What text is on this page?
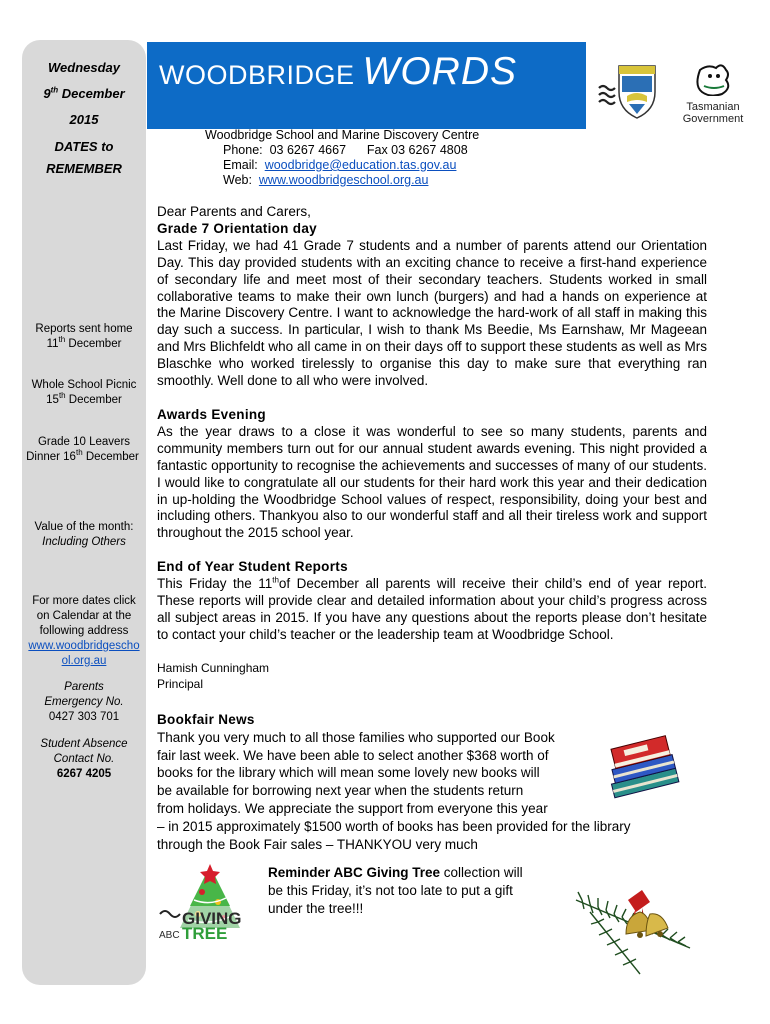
Wednesday
9th December
2015
DATES to
REMEMBER
Reports sent home
11th December
Whole School Picnic
15th December
Grade 10 Leavers
Dinner 16th December
Value of the month:
Including Others
For more dates click
on Calendar at the
following address
www.woodbridgescho
ol.org.au
Parents
Emergency No.
0427 303 701
Student Absence
Contact No.
6267 4205
WOODBRIDGE WORDS
Tasmanian
Government
Woodbridge School and Marine Discovery Centre
Phone:  03 6267 4667      Fax 03 6267 4808
Email:  woodbridge@education.tas.gov.au
Web:  www.woodbridgeschool.org.au
Dear Parents and Carers,
Grade 7 Orientation day
Last Friday, we had 41 Grade 7 students and a number of parents attend our Orientation Day. This day provided students with an exciting chance to receive a first-hand experience of secondary life and meet most of their secondary teachers. Students worked in small collaborative teams to make their own lunch (burgers) and had a hands on experience at the Marine Discovery Centre. I want to acknowledge the hard-work of all staff in making this day such a success. In particular, I wish to thank Ms Beedie, Ms Earnshaw, Mr Mageean and Mrs Blichfeldt who all came in on their days off to support these students as well as Mrs Blaschke who worked tirelessly to organise this day to make sure that everything ran smoothly. Well done to all who were involved.
Awards Evening
As the year draws to a close it was wonderful to see so many students, parents and community members turn out for our annual student awards evening. This night provided a fantastic opportunity to recognise the achievements and successes of many of our students. I would like to congratulate all our students for their hard work this year and their dedication in up-holding the Woodbridge School values of respect, responsibility, doing your best and including others. Thankyou also to our wonderful staff and all their tireless work and support throughout the 2015 school year.
End of Year Student Reports
This Friday the 11thof December all parents will receive their child’s end of year report. These reports will provide clear and detailed information about your child’s progress across all subject areas in 2015. If you have any questions about the reports please don’t hesitate to contact your child’s teacher or the leadership team at Woodbridge School.
Hamish Cunningham
Principal
Bookfair News
Thank you very much to all those families who supported our Book
fair last week. We have been able to select another $368 worth of
books for the library which will mean some lovely new books will
be available for borrowing next year when the students return
from holidays. We appreciate the support from everyone this year
– in 2015 approximately $1500 worth of books has been provided for the library
through the Book Fair sales – THANKYOU very much
GIVING
ABC TREE
Reminder ABC Giving Tree collection will
be this Friday, it’s not too late to put a gift
under the tree!!!
